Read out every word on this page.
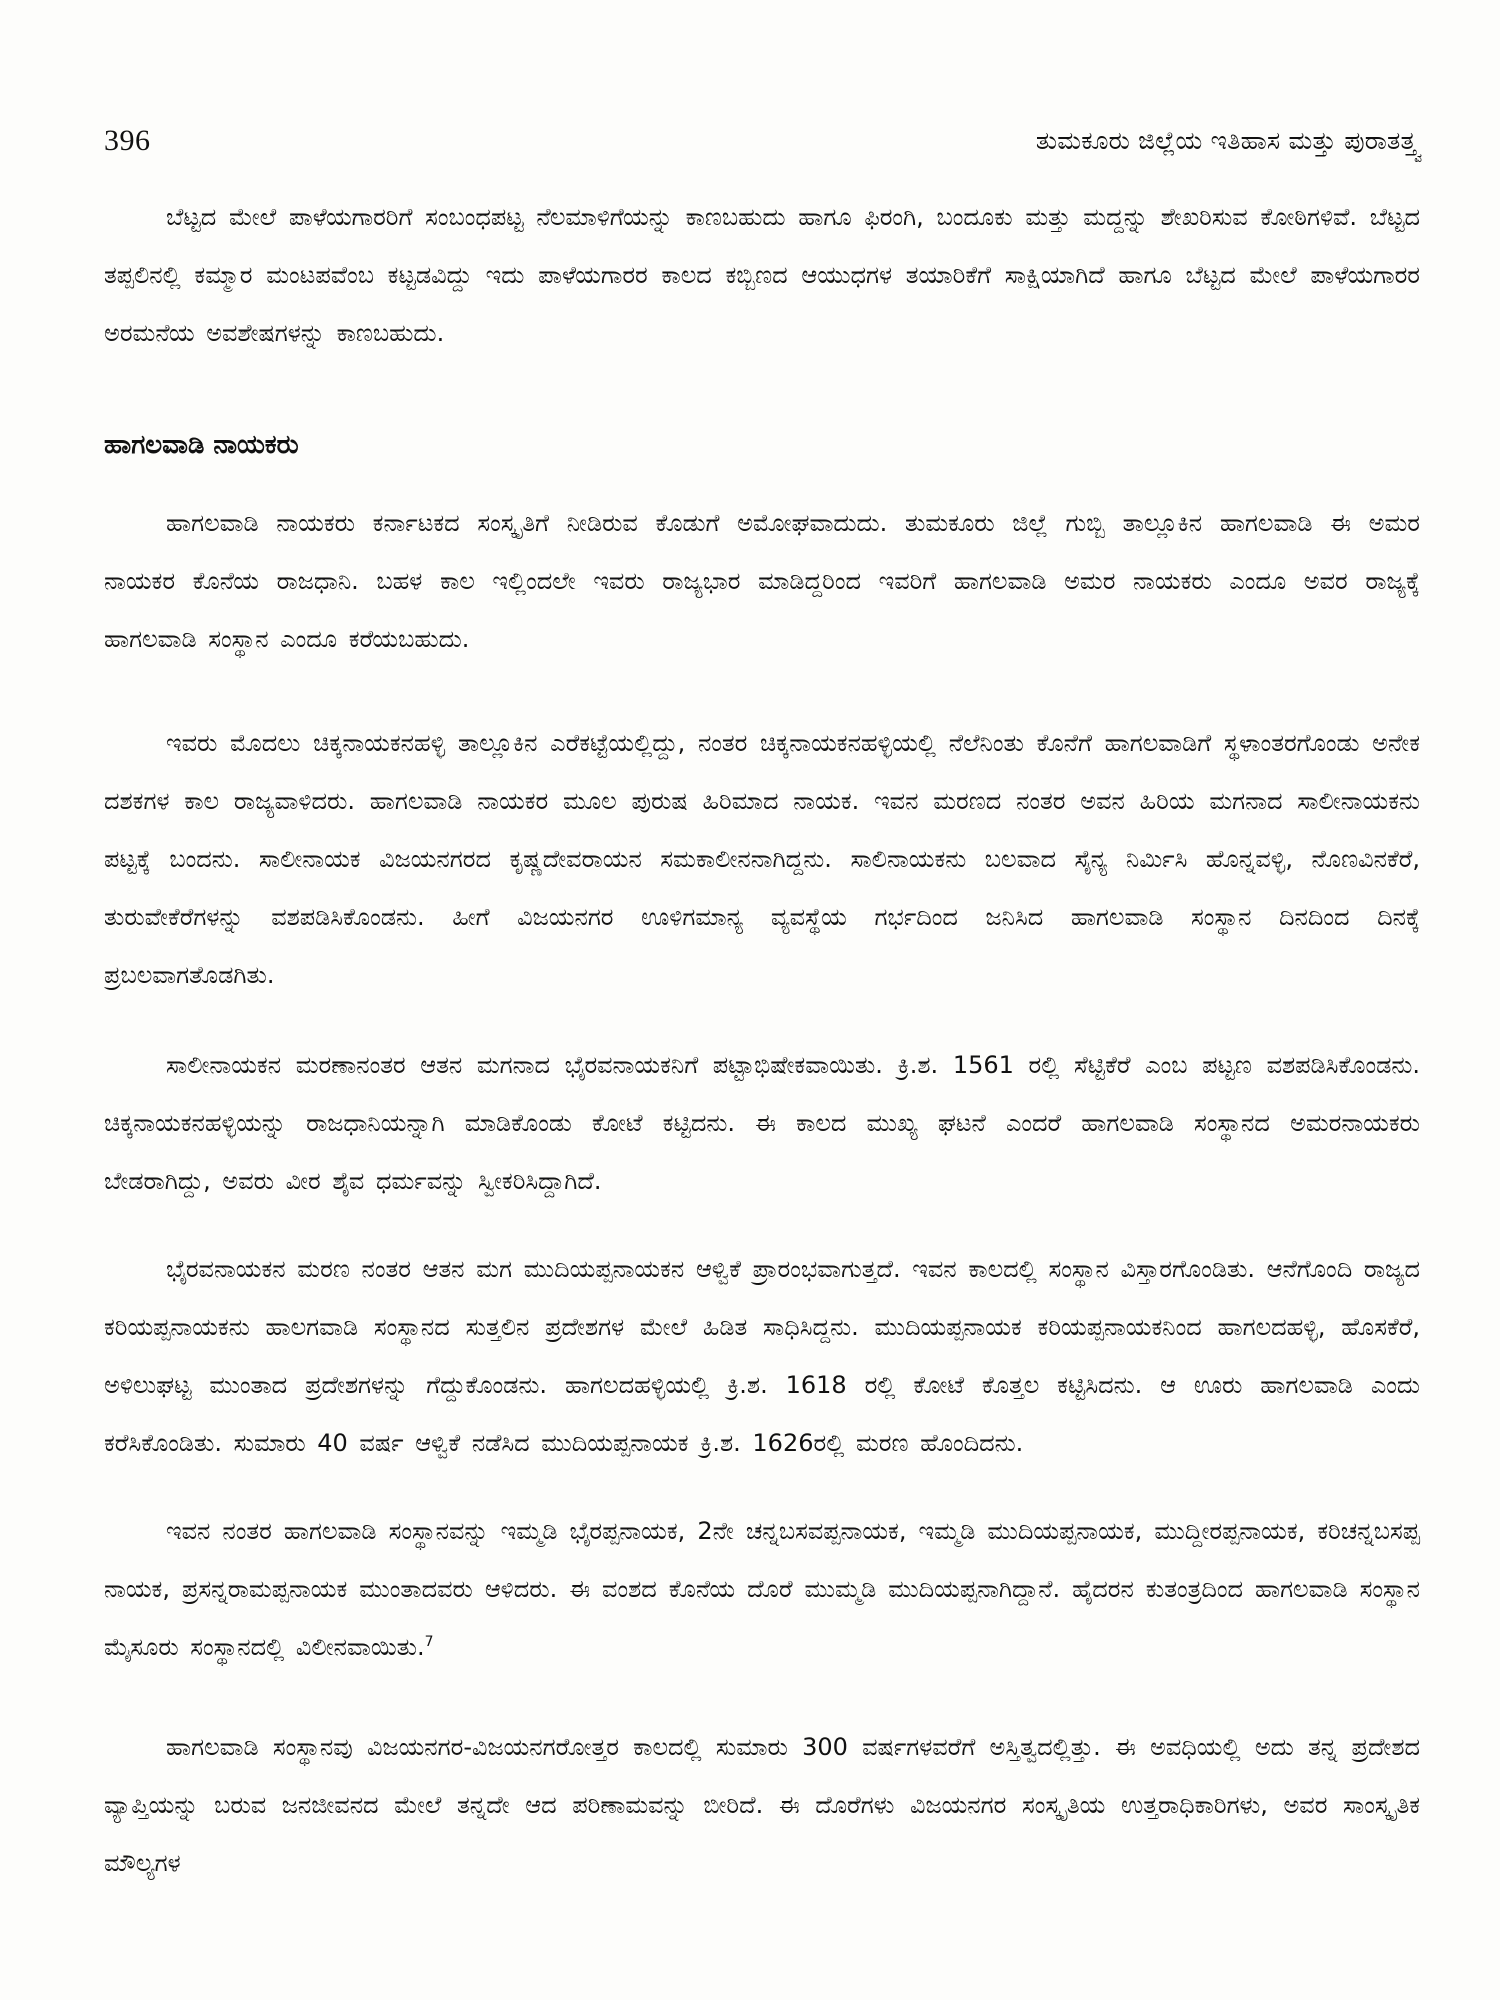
396	ತುಮಕೂರು ಜಿಲ್ಲೆಯ ಇತಿಹಾಸ ಮತ್ತು ಪುರಾತತ್ತ್ವ

ಬೆಟ್ಟದ ಮೇಲೆ ಪಾಳೆಯಗಾರರಿಗೆ ಸಂಬಂಧಪಟ್ಟ ನೆಲಮಾಳಿಗೆಯನ್ನು ಕಾಣಬಹುದು ಹಾಗೂ ಫಿರಂಗಿ, ಬಂದೂಕು ಮತ್ತು ಮದ್ದನ್ನು ಶೇಖರಿಸುವ ಕೋಠಿಗಳಿವೆ. ಬೆಟ್ಟದ ತಪ್ಪಲಿನಲ್ಲಿ ಕಮ್ಮಾರ ಮಂಟಪವೆಂಬ ಕಟ್ಟಡವಿದ್ದು ಇದು ಪಾಳೆಯಗಾರರ ಕಾಲದ ಕಬ್ಬಿಣದ ಆಯುಧಗಳ ತಯಾರಿಕೆಗೆ ಸಾಕ್ಷಿಯಾಗಿದೆ ಹಾಗೂ ಬೆಟ್ಟದ ಮೇಲೆ ಪಾಳೆಯಗಾರರ ಅರಮನೆಯ ಅವಶೇಷಗಳನ್ನು ಕಾಣಬಹುದು.

ಹಾಗಲವಾಡಿ ನಾಯಕರು

ಹಾಗಲವಾಡಿ ನಾಯಕರು ಕರ್ನಾಟಕದ ಸಂಸ್ಕೃತಿಗೆ ನೀಡಿರುವ ಕೊಡುಗೆ ಅಮೋಘವಾದುದು. ತುಮಕೂರು ಜಿಲ್ಲೆ ಗುಬ್ಬಿ ತಾಲ್ಲೂಕಿನ ಹಾಗಲವಾಡಿ ಈ ಅಮರ ನಾಯಕರ ಕೊನೆಯ ರಾಜಧಾನಿ. ಬಹಳ ಕಾಲ ಇಲ್ಲಿಂದಲೇ ಇವರು ರಾಜ್ಯಭಾರ ಮಾಡಿದ್ದರಿಂದ ಇವರಿಗೆ ಹಾಗಲವಾಡಿ ಅಮರ ನಾಯಕರು ಎಂದೂ ಅವರ ರಾಜ್ಯಕ್ಕೆ ಹಾಗಲವಾಡಿ ಸಂಸ್ಥಾನ ಎಂದೂ ಕರೆಯಬಹುದು.

ಇವರು ಮೊದಲು ಚಿಕ್ಕನಾಯಕನಹಳ್ಳಿ ತಾಲ್ಲೂಕಿನ ಎರೆಕಟ್ಟೆಯಲ್ಲಿದ್ದು, ನಂತರ ಚಿಕ್ಕನಾಯಕನಹಳ್ಳಿಯಲ್ಲಿ ನೆಲೆನಿಂತು ಕೊನೆಗೆ ಹಾಗಲವಾಡಿಗೆ ಸ್ಥಳಾಂತರಗೊಂಡು ಅನೇಕ ದಶಕಗಳ ಕಾಲ ರಾಜ್ಯವಾಳಿದರು. ಹಾಗಲವಾಡಿ ನಾಯಕರ ಮೂಲ ಪುರುಷ ಹಿರಿಮಾದ ನಾಯಕ. ಇವನ ಮರಣದ ನಂತರ ಅವನ ಹಿರಿಯ ಮಗನಾದ ಸಾಲೀನಾಯಕನು ಪಟ್ಟಕ್ಕೆ ಬಂದನು. ಸಾಲೀನಾಯಕ ವಿಜಯನಗರದ ಕೃಷ್ಣದೇವರಾಯನ ಸಮಕಾಲೀನನಾಗಿದ್ದನು. ಸಾಲಿನಾಯಕನು ಬಲವಾದ ಸೈನ್ಯ ನಿರ್ಮಿಸಿ ಹೊನ್ನವಳ್ಳಿ, ನೊಣವಿನಕೆರೆ, ತುರುವೇಕೆರೆಗಳನ್ನು ವಶಪಡಿಸಿಕೊಂಡನು. ಹೀಗೆ ವಿಜಯನಗರ ಊಳಿಗಮಾನ್ಯ ವ್ಯವಸ್ಥೆಯ ಗರ್ಭದಿಂದ ಜನಿಸಿದ ಹಾಗಲವಾಡಿ ಸಂಸ್ಥಾನ ದಿನದಿಂದ ದಿನಕ್ಕೆ ಪ್ರಬಲವಾಗತೊಡಗಿತು.

ಸಾಲೀನಾಯಕನ ಮರಣಾನಂತರ ಆತನ ಮಗನಾದ ಭೈರವನಾಯಕನಿಗೆ ಪಟ್ಟಾಭಿಷೇಕವಾಯಿತು. ಕ್ರಿ.ಶ. 1561 ರಲ್ಲಿ ಸೆಟ್ಟಿಕೆರೆ ಎಂಬ ಪಟ್ಟಣ ವಶಪಡಿಸಿಕೊಂಡನು. ಚಿಕ್ಕನಾಯಕನಹಳ್ಳಿಯನ್ನು ರಾಜಧಾನಿಯನ್ನಾಗಿ ಮಾಡಿಕೊಂಡು ಕೋಟೆ ಕಟ್ಟಿದನು. ಈ ಕಾಲದ ಮುಖ್ಯ ಘಟನೆ ಎಂದರೆ ಹಾಗಲವಾಡಿ ಸಂಸ್ಥಾನದ ಅಮರನಾಯಕರು ಬೇಡರಾಗಿದ್ದು, ಅವರು ವೀರ ಶೈವ ಧರ್ಮವನ್ನು ಸ್ವೀಕರಿಸಿದ್ದಾಗಿದೆ.

ಭೈರವನಾಯಕನ ಮರಣ ನಂತರ ಆತನ ಮಗ ಮುದಿಯಪ್ಪನಾಯಕನ ಆಳ್ವಿಕೆ ಪ್ರಾರಂಭವಾಗುತ್ತದೆ. ಇವನ ಕಾಲದಲ್ಲಿ ಸಂಸ್ಥಾನ ವಿಸ್ತಾರಗೊಂಡಿತು. ಆನೆಗೊಂದಿ ರಾಜ್ಯದ ಕರಿಯಪ್ಪನಾಯಕನು ಹಾಲಗವಾಡಿ ಸಂಸ್ಥಾನದ ಸುತ್ತಲಿನ ಪ್ರದೇಶಗಳ ಮೇಲೆ ಹಿಡಿತ ಸಾಧಿಸಿದ್ದನು. ಮುದಿಯಪ್ಪನಾಯಕ ಕರಿಯಪ್ಪನಾಯಕನಿಂದ ಹಾಗಲದಹಳ್ಳಿ, ಹೊಸಕೆರೆ, ಅಳಿಲುಘಟ್ಟ ಮುಂತಾದ ಪ್ರದೇಶಗಳನ್ನು ಗೆದ್ದುಕೊಂಡನು. ಹಾಗಲದಹಳ್ಳಿಯಲ್ಲಿ ಕ್ರಿ.ಶ. 1618 ರಲ್ಲಿ ಕೋಟೆ ಕೊತ್ತಲ ಕಟ್ಟಿಸಿದನು. ಆ ಊರು ಹಾಗಲವಾಡಿ ಎಂದು ಕರೆಸಿಕೊಂಡಿತು. ಸುಮಾರು 40 ವರ್ಷ ಆಳ್ವಿಕೆ ನಡೆಸಿದ ಮುದಿಯಪ್ಪನಾಯಕ ಕ್ರಿ.ಶ. 1626ರಲ್ಲಿ ಮರಣ ಹೊಂದಿದನು.

ಇವನ ನಂತರ ಹಾಗಲವಾಡಿ ಸಂಸ್ಥಾನವನ್ನು ಇಮ್ಮಡಿ ಭೈರಪ್ಪನಾಯಕ, 2ನೇ ಚನ್ನಬಸವಪ್ಪನಾಯಕ, ಇಮ್ಮಡಿ ಮುದಿಯಪ್ಪನಾಯಕ, ಮುದ್ದೀರಪ್ಪನಾಯಕ, ಕರಿಚನ್ನಬಸಪ್ಪ ನಾಯಕ, ಪ್ರಸನ್ನರಾಮಪ್ಪನಾಯಕ ಮುಂತಾದವರು ಆಳಿದರು. ಈ ವಂಶದ ಕೊನೆಯ ದೊರೆ ಮುಮ್ಮಡಿ ಮುದಿಯಪ್ಪನಾಗಿದ್ದಾನೆ. ಹೈದರನ ಕುತಂತ್ರದಿಂದ ಹಾಗಲವಾಡಿ ಸಂಸ್ಥಾನ ಮೈಸೂರು ಸಂಸ್ಥಾನದಲ್ಲಿ ವಿಲೀನವಾಯಿತು.$^7$

ಹಾಗಲವಾಡಿ ಸಂಸ್ಥಾನವು ವಿಜಯನಗರ-ವಿಜಯನಗರೋತ್ತರ ಕಾಲದಲ್ಲಿ ಸುಮಾರು 300 ವರ್ಷಗಳವರೆಗೆ ಅಸ್ತಿತ್ವದಲ್ಲಿತ್ತು. ಈ ಅವಧಿಯಲ್ಲಿ ಅದು ತನ್ನ ಪ್ರದೇಶದ ವ್ಯಾಪ್ತಿಯನ್ನು ಬರುವ ಜನಜೀವನದ ಮೇಲೆ ತನ್ನದೇ ಆದ ಪರಿಣಾಮವನ್ನು ಬೀರಿದೆ. ಈ ದೊರೆಗಳು ವಿಜಯನಗರ ಸಂಸ್ಕೃತಿಯ ಉತ್ತರಾಧಿಕಾರಿಗಳು, ಅವರ ಸಾಂಸ್ಕೃತಿಕ ಮೌಲ್ಯಗಳ
